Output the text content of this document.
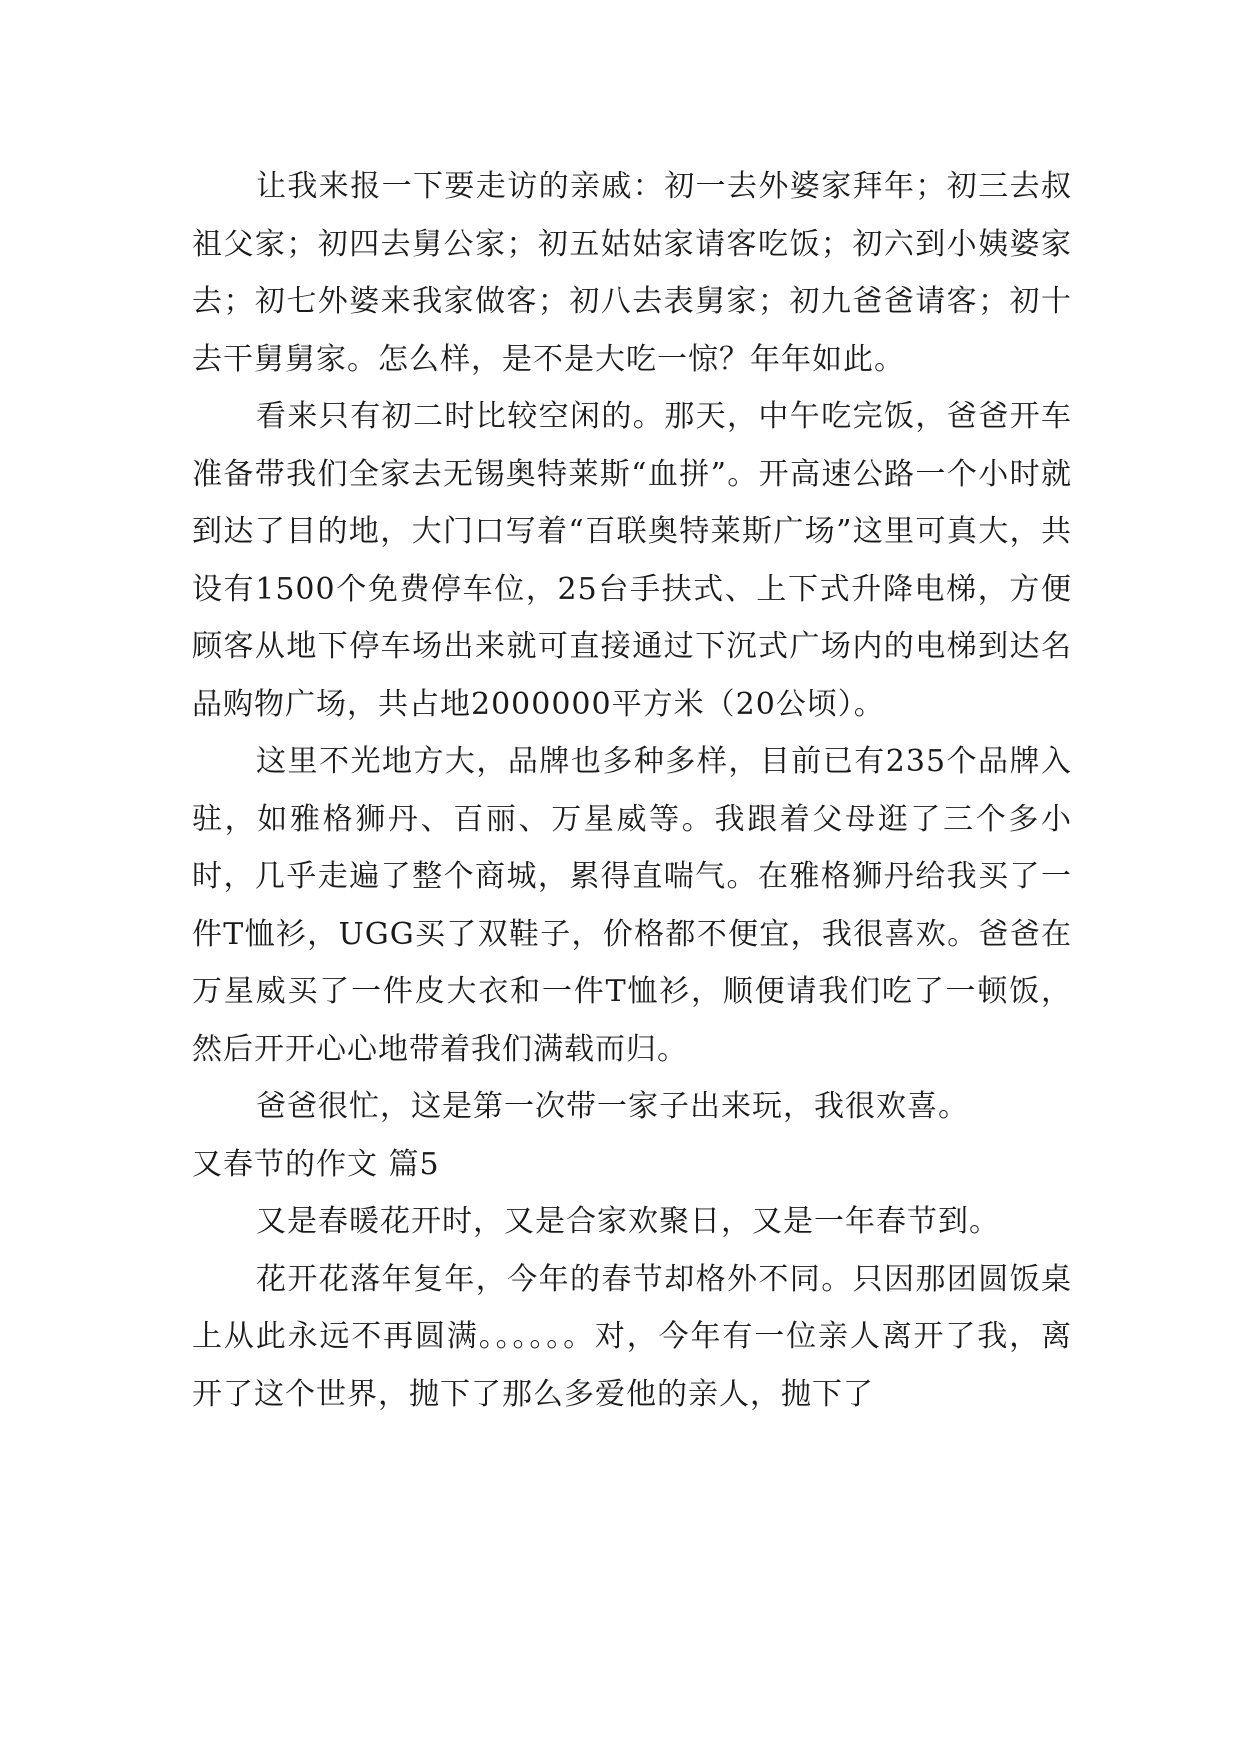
让我来报一下要走访的亲戚：初一去外婆家拜年；初三去叔祖父家；初四去舅公家；初五姑姑家请客吃饭；初六到小姨婆家去；初七外婆来我家做客；初八去表舅家；初九爸爸请客；初十去干舅舅家。怎么样，是不是大吃一惊？年年如此。

看来只有初二时比较空闲的。那天，中午吃完饭，爸爸开车准备带我们全家去无锡奥特莱斯“血拼”。开高速公路一个小时就到达了目的地，大门口写着“百联奥特莱斯广场”这里可真大，共设有1500个免费停车位，25台手扶式、上下式升降电梯，方便顾客从地下停车场出来就可直接通过下沉式广场内的电梯到达名品购物广场，共占地2000000平方米（20公顷）。

这里不光地方大，品牌也多种多样，目前已有235个品牌入驻，如雅格狮丹、百丽、万星威等。我跟着父母逛了三个多小时，几乎走遍了整个商城，累得直喘气。在雅格狮丹给我买了一件T恤衫，UGG买了双鞋子，价格都不便宜，我很喜欢。爸爸在万星威买了一件皮大衣和一件T恤衫，顺便请我们吃了一顿饭，然后开开心心地带着我们满载而归。

爸爸很忙，这是第一次带一家子出来玩，我很欢喜。

又春节的作文 篇5

又是春暖花开时，又是合家欢聚日，又是一年春节到。

花开花落年复年，今年的春节却格外不同。只因那团圆饭桌上从此永远不再圆满。。。。。。对，今年有一位亲人离开了我，离开了这个世界，抛下了那么多爱他的亲人，抛下了
